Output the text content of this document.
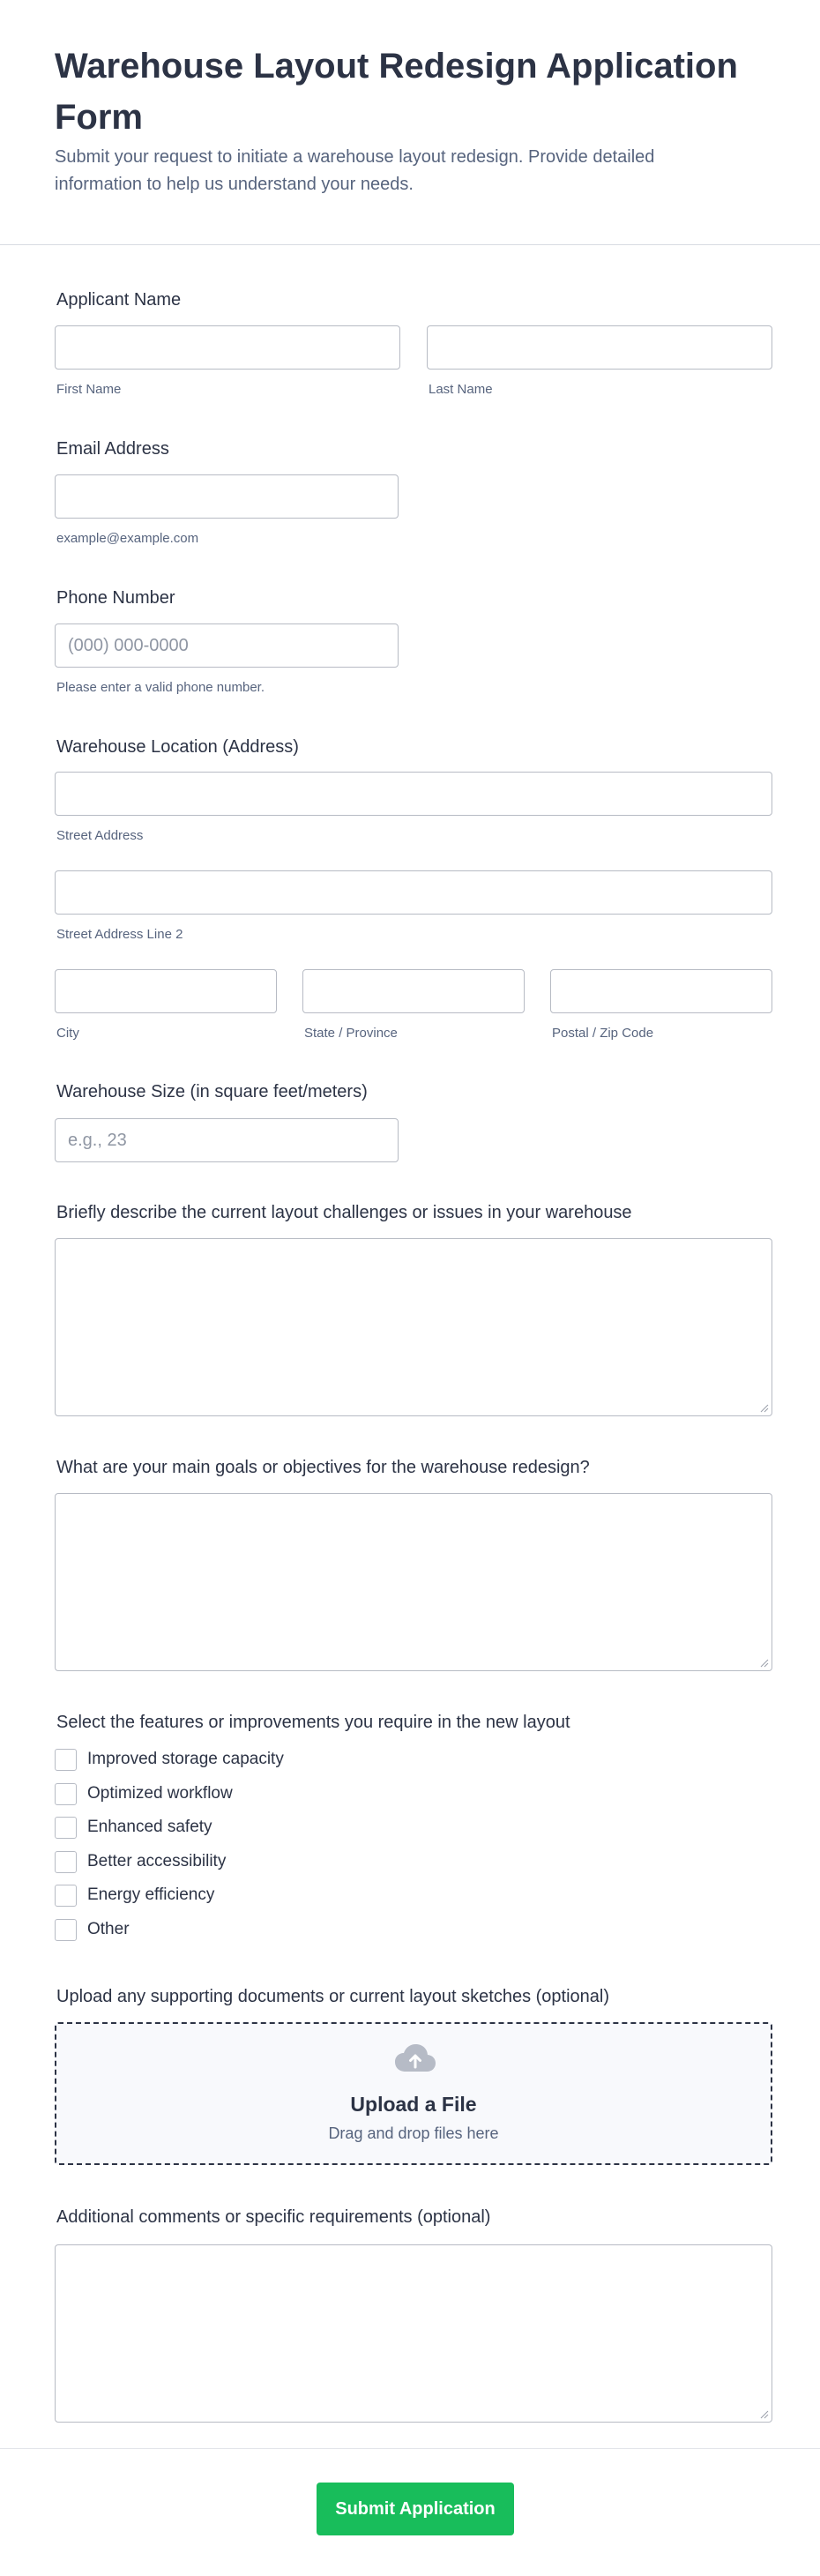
Warehouse Layout Redesign Application Form
Submit your request to initiate a warehouse layout redesign. Provide detailed information to help us understand your needs.
Applicant Name
First Name	Last Name
Email Address
example@example.com
Phone Number
(000) 000-0000
Please enter a valid phone number.
Warehouse Location (Address)
Street Address
Street Address Line 2
City	State / Province	Postal / Zip Code
Warehouse Size (in square feet/meters)
e.g., 23
Briefly describe the current layout challenges or issues in your warehouse
What are your main goals or objectives for the warehouse redesign?
Select the features or improvements you require in the new layout
Improved storage capacity
Optimized workflow
Enhanced safety
Better accessibility
Energy efficiency
Other
Upload any supporting documents or current layout sketches (optional)
Upload a File
Drag and drop files here
Additional comments or specific requirements (optional)
Submit Application
